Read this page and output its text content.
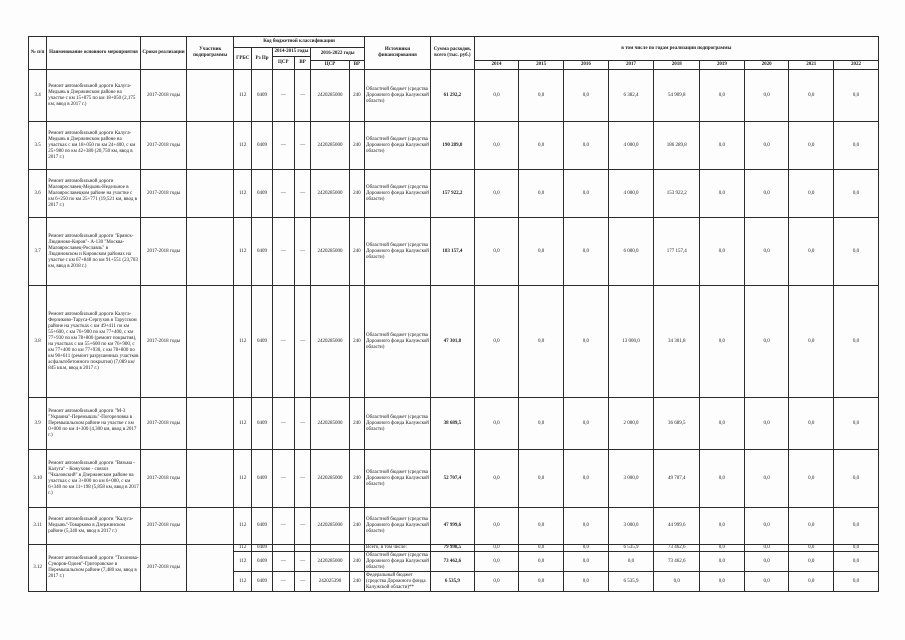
№ п/п	Наименование основного мероприятия	Сроки реализации	Участник подпрограммы	Код бюджетной классификации						Источники финансирования	Сумма расходов, всего (тыс. руб.)	в том числе по годам реализации подпрограммы								
				ГРБС	Рз Пр	2014-2015 годы		2016-2022 годы												
						ЦСР	ВР													
								ЦСР	ВР			2014	2015	2016	2017	2018	2019	2020	2021	2022
3.4	Ремонт автомобильной дороги Калуга-Медынь в Дзержинском районе на участке с км 15+875 по км 18+050 (2,175 км, ввод в 2017 г.)	2017-2018 годы		112	0409	—	—	2420285000	240	Областной бюджет (средства Дорожного фонда Калужской области)	61 292,2	0,0	0,0	0,0	6 382,4	54 909,8	0,0	0,0	0,0	0,0
3.5	Ремонт автомобильной дороги Калуга-Медынь в Дзержинском районе на участках с км 18+050 по км 24+400, с км 25+980 по км 42+380 (20,750 км, ввод в 2017 г.)	2017-2018 годы		112	0409	—	—	2420285000	240	Областной бюджет (средства Дорожного фонда Калужской области)	190 289,8	0,0	0,0	0,0	4 000,0	186 289,8	0,0	0,0	0,0	0,0
3.6	Ремонт автомобильной дороги Малоярославец-Медынь-Недельное в Малоярославецком районе на участке с км 6+250 по км 25+771 (19,521 км, ввод в 2017 г.)	2017-2018 годы		112	0409	—	—	2420285000	240	Областной бюджет (средства Дорожного фонда Калужской области)	157 922,2	0,0	0,0	0,0	4 000,0	153 922,2	0,0	0,0	0,0	0,0
3.7	Ремонт автомобильной дороги "Брянск-Людиново-Киров"- А-130 "Москва-Малоярославец-Рославль" в Людиновском и Кировском районах на участке с км 67+848 по км 91+551 (23,703 км, ввод в 2018 г.)	2017-2018 годы		112	0409	—	—	2420285000	240	Областной бюджет (средства Дорожного фонда Калужской области)	183 157,4	0,0	0,0	0,0	6 000,0	177 157,4	0,0	0,0	0,0	0,0
3.8	Ремонт автомобильной дороги Калуга-Ферзиково-Таруса-Серпухов в Тарусском районе на участках с км 49+411 по км 55+600, с км 76+900 по км 77+400, с км 77+930 по км 78+800 (ремонт покрытия), на участках с км 55+600 по км 76+900, с км 77+400 по км 77+930, с км 78+800 по км 90+611 (ремонт разрушенных участков асфальтобетонного покрытия) (7,089 км/ 845 кв.м, ввод в 2017 г.)	2017-2018 годы		112	0409	—	—	2420285000	240	Областной бюджет (средства Дорожного фонда Калужской области)	47 301,8	0,0	0,0	0,0	13 000,0	34 301,8	0,0	0,0	0,0	0,0
3.9	Ремонт автомобильной дороги "М-3 "Украина"-Перемышль"-Погореловка в Перемышльском районе на участке с км 0+000 по км 4+300 (4,300 км, ввод в 2017 г.)	2017-2018 годы		112	0409	—	—	2420285000	240	Областной бюджет (средства Дорожного фонда Калужской области)	38 689,5	0,0	0,0	0,0	2 000,0	36 689,5	0,0	0,0	0,0	0,0
3.10	Ремонт автомобильной дороги "Вязьма - Калуга" - Кожухово - совхоз "Чкаловский" в Дзержинском районе на участках с км 3+000 по км 6+000, с км 6+340 по км 11+198 (5,858 км, ввод в 2017 г.)	2017-2018 годы		112	0409	—	—	2420285000	240	Областной бюджет (средства Дорожного фонда Калужской области)	52 707,4	0,0	0,0	0,0	3 000,0	49 707,4	0,0	0,0	0,0	0,0
3.11	Ремонт автомобильной дороги "Калуга-Медынь"-Товарково в Дзержинском районе (5,340 км, ввод в 2017 г.)	2017-2018 годы		112	0409	—	—	2420285000	240	Областной бюджет (средства Дорожного фонда Калужской области)	47 999,6	0,0	0,0	0,0	3 000,0	44 999,6	0,0	0,0	0,0	0,0
3.12	Ремонт автомобильной дороги "Тихонова-Суворов-Одоев"-Григоровское в Перемышльском районе (7,480 км, ввод в 2017 г.)	2017-2018 годы		112	0409					Всего, в том числе:	79 998,5	0,0	0,0	0,0	6 535,9	73 462,6	0,0	0,0	0,0	0,0
				112	0409	—	—	2420285000	240	Областной бюджет (средства Дорожного фонда Калужской области)	73 462,6	0,0	0,0	0,0	0,0	73 462,6	0,0	0,0	0,0	0,0
				112	0409	—	—	242025390	240	Федеральный бюджет (средства Дорожного фонда Калужской области)**	6 535,9	0,0	0,0	0,0	6 535,9	0,0	0,0	0,0	0,0	0,0
